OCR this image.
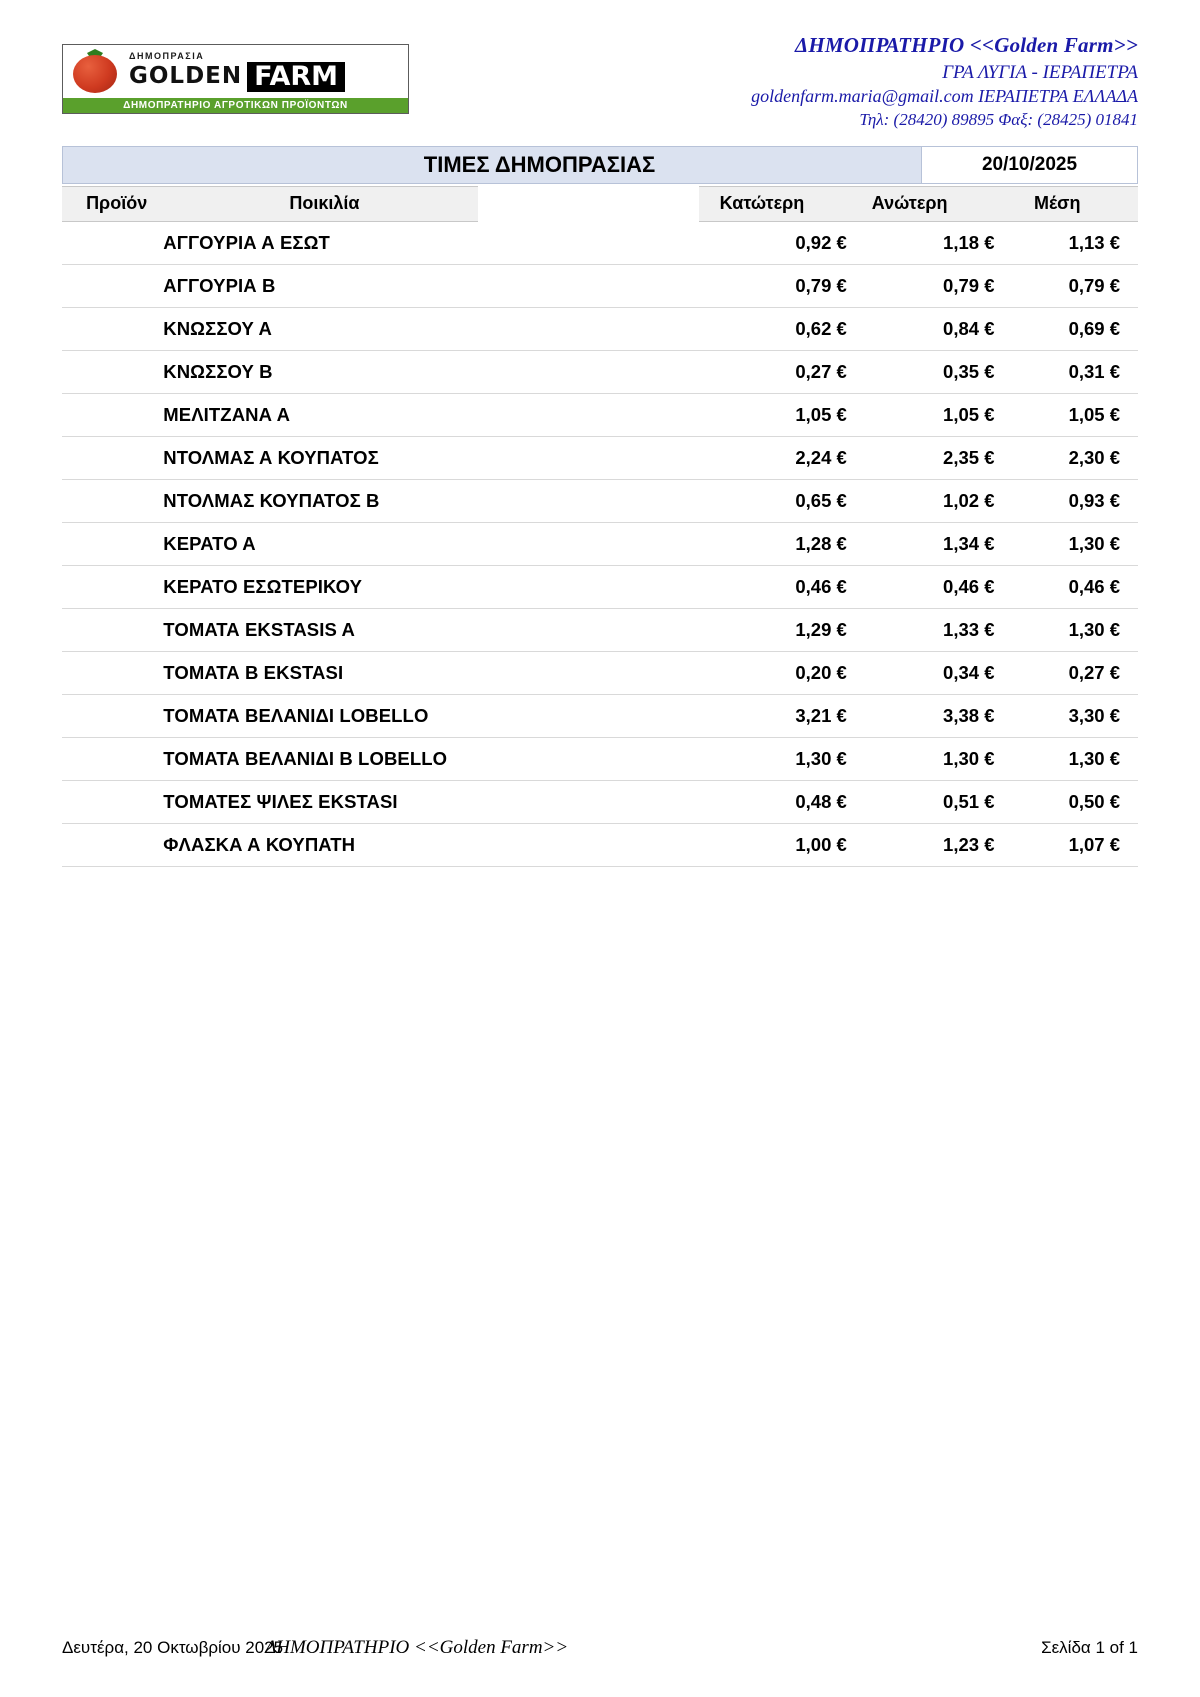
ΔΗΜΟΠΡΑΣΙΑ
GOLDEN FARM
ΔΗΜΟΠΡΑΤΗΡΙΟ ΑΓΡΟΤΙΚΩΝ ΠΡΟΪΟΝΤΩΝ
ΔΗΜΟΠΡΑΤΗΡΙΟ <<Golden Farm>>
ΓΡΑ ΛΥΓΙΑ - ΙΕΡΑΠΕΤΡΑ
goldenfarm.maria@gmail.com ΙΕΡΑΠΕΤΡΑ ΕΛΛΑΔΑ
Τηλ: (28420) 89895 Φαξ: (28425) 01841
ΤΙΜΕΣ ΔΗΜΟΠΡΑΣΙΑΣ	20/10/2025
Προϊόν	Ποικιλία		Κατώτερη	Ανώτερη	Μέση
	ΑΓΓΟΥΡΙΑ Α ΕΣΩΤ		0,92 €	1,18 €	1,13 €
	ΑΓΓΟΥΡΙΑ Β		0,79 €	0,79 €	0,79 €
	ΚΝΩΣΣΟΥ Α		0,62 €	0,84 €	0,69 €
	ΚΝΩΣΣΟΥ Β		0,27 €	0,35 €	0,31 €
	ΜΕΛΙΤΖΑΝΑ Α		1,05 €	1,05 €	1,05 €
	ΝΤΟΛΜΑΣ Α ΚΟΥΠΑΤΟΣ		2,24 €	2,35 €	2,30 €
	ΝΤΟΛΜΑΣ ΚΟΥΠΑΤΟΣ Β		0,65 €	1,02 €	0,93 €
	ΚΕΡΑΤΟ Α		1,28 €	1,34 €	1,30 €
	ΚΕΡΑΤΟ ΕΣΩΤΕΡΙΚΟΥ		0,46 €	0,46 €	0,46 €
	ΤΟΜΑΤΑ EKSTASIS A		1,29 €	1,33 €	1,30 €
	ΤΟΜΑΤΑ Β EKSTASI		0,20 €	0,34 €	0,27 €
	ΤΟΜΑΤΑ ΒΕΛΑΝΙΔΙ LOBELLO		3,21 €	3,38 €	3,30 €
	ΤΟΜΑΤΑ ΒΕΛΑΝΙΔΙ Β LOBELLO		1,30 €	1,30 €	1,30 €
	ΤΟΜΑΤΕΣ ΨΙΛΕΣ EKSTASI		0,48 €	0,51 €	0,50 €
	ΦΛΑΣΚΑ Α ΚΟΥΠΑΤΗ		1,00 €	1,23 €	1,07 €
Δευτέρα, 20 Οκτωβρίου 2025
ΔΗΜΟΠΡΑΤΗΡΙΟ <<Golden Farm>>	Σελίδα 1 of 1
